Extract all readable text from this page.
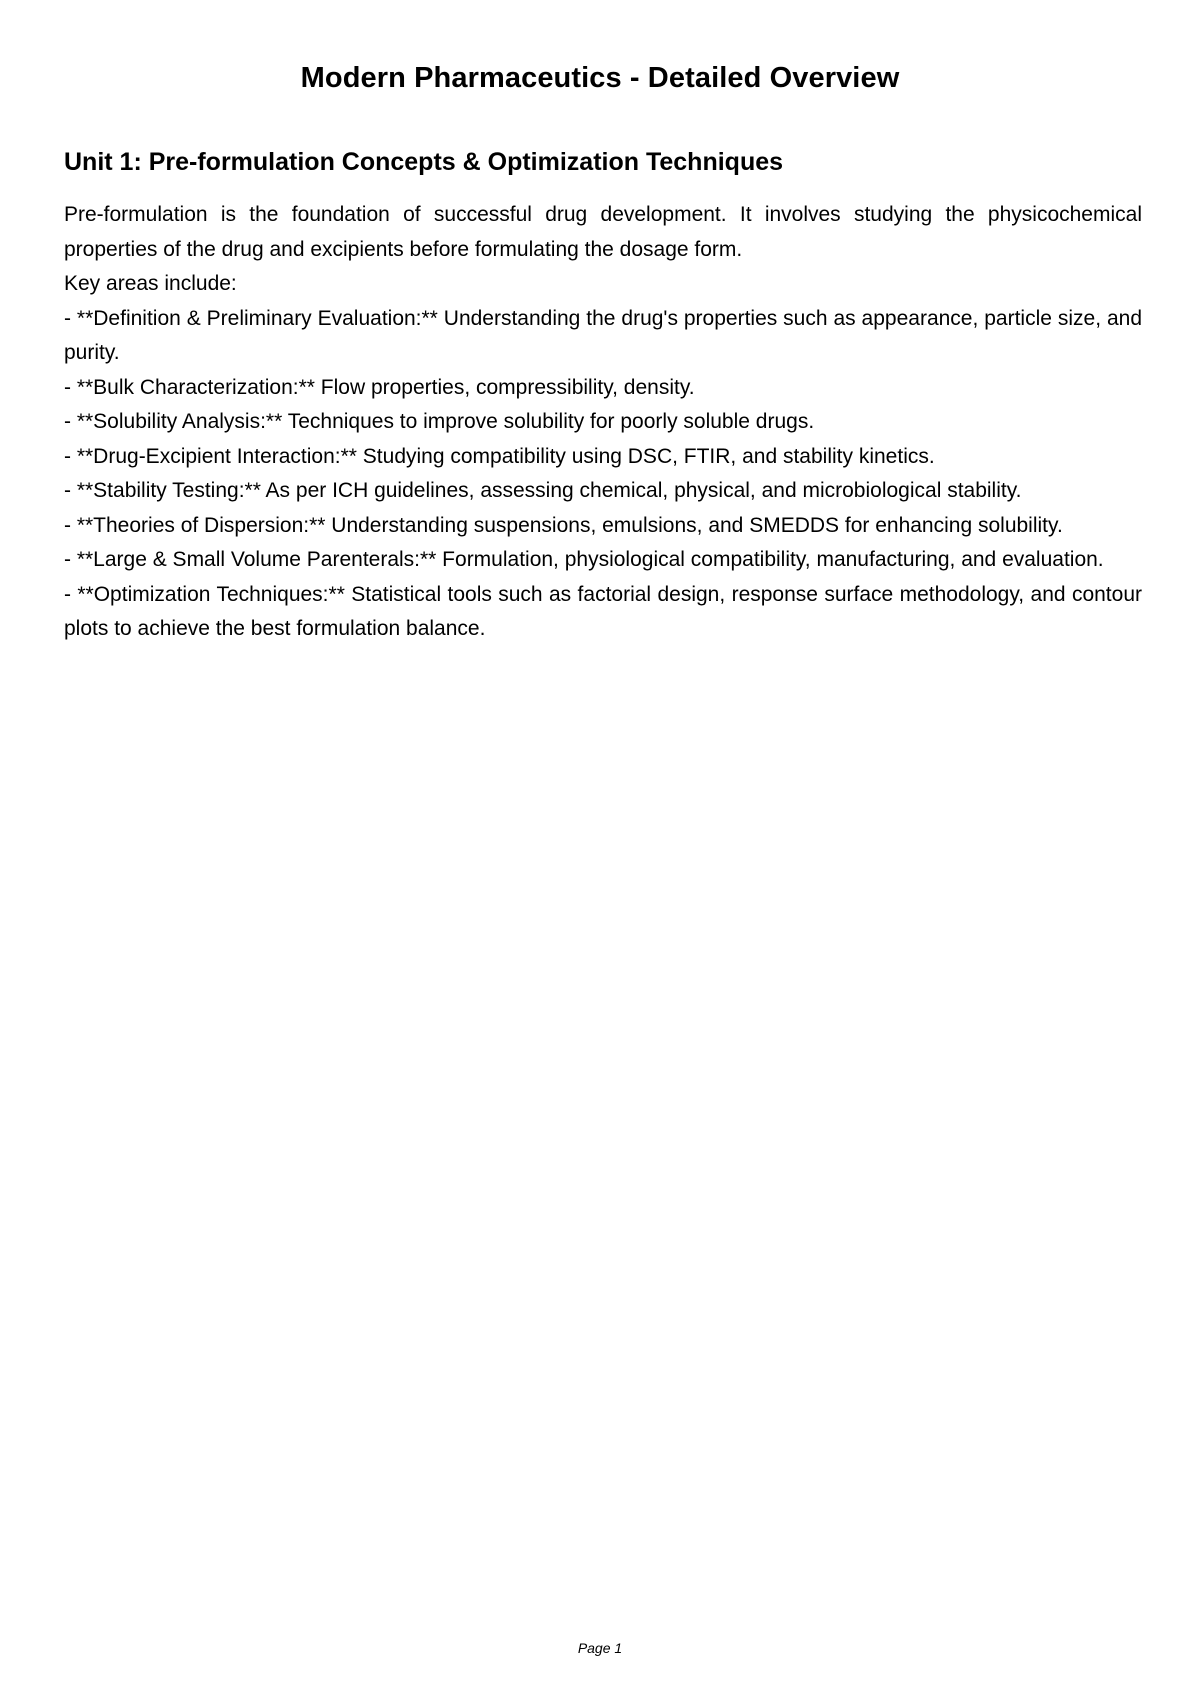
Modern Pharmaceutics - Detailed Overview
Unit 1: Pre-formulation Concepts & Optimization Techniques

Pre-formulation is the foundation of successful drug development. It involves studying the physicochemical properties of the drug and excipients before formulating the dosage form.

Key areas include:

- **Definition & Preliminary Evaluation:** Understanding the drug's properties such as appearance, particle size, and purity.

- **Bulk Characterization:** Flow properties, compressibility, density.

- **Solubility Analysis:** Techniques to improve solubility for poorly soluble drugs.

- **Drug-Excipient Interaction:** Studying compatibility using DSC, FTIR, and stability kinetics.

- **Stability Testing:** As per ICH guidelines, assessing chemical, physical, and microbiological stability.

- **Theories of Dispersion:** Understanding suspensions, emulsions, and SMEDDS for enhancing solubility.

- **Large & Small Volume Parenterals:** Formulation, physiological compatibility, manufacturing, and evaluation.

- **Optimization Techniques:** Statistical tools such as factorial design, response surface methodology, and contour plots to achieve the best formulation balance.

Page 1
